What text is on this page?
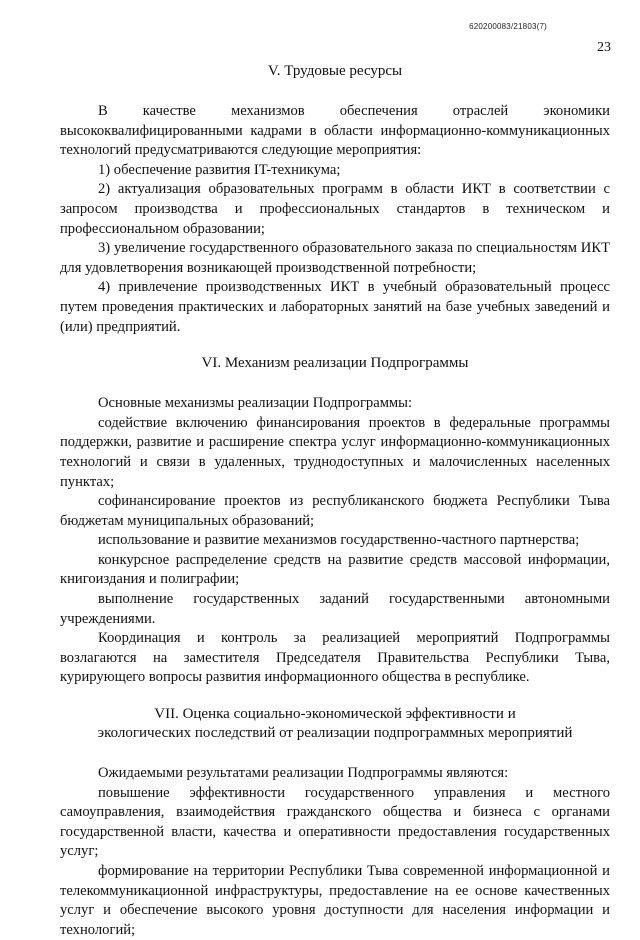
620200083/21803(7)
23
V. Трудовые ресурсы

В качестве механизмов обеспечения отраслей экономики высококвалифицированными кадрами в области информационно-коммуникационных технологий предусматриваются следующие мероприятия:

1) обеспечение развития IT-техникума;

2) актуализация образовательных программ в области ИКТ в соответствии с запросом производства и профессиональных стандартов в техническом и профессиональном образовании;

3) увеличение государственного образовательного заказа по специальностям ИКТ для удовлетворения возникающей производственной потребности;

4) привлечение производственных ИКТ в учебный образовательный процесс путем проведения практических и лабораторных занятий на базе учебных заведений и (или) предприятий.

VI. Механизм реализации Подпрограммы

Основные механизмы реализации Подпрограммы:

содействие включению финансирования проектов в федеральные программы поддержки, развитие и расширение спектра услуг информационно-коммуникационных технологий и связи в удаленных, труднодоступных и малочисленных населенных пунктах;

софинансирование проектов из республиканского бюджета Республики Тыва бюджетам муниципальных образований;

использование и развитие механизмов государственно-частного партнерства;

конкурсное распределение средств на развитие средств массовой информации, книгоиздания и полиграфии;

выполнение государственных заданий государственными автономными учреждениями.

Координация и контроль за реализацией мероприятий Подпрограммы возлагаются на заместителя Председателя Правительства Республики Тыва, курирующего вопросы развития информационного общества в республике.

VII. Оценка социально-экономической эффективности и
экологических последствий от реализации подпрограммных мероприятий

Ожидаемыми результатами реализации Подпрограммы являются:

повышение эффективности государственного управления и местного самоуправления, взаимодействия гражданского общества и бизнеса с органами государственной власти, качества и оперативности предоставления государственных услуг;

формирование на территории Республики Тыва современной информационной и телекоммуникационной инфраструктуры, предоставление на ее основе качественных услуг и обеспечение высокого уровня доступности для населения информации и технологий;
